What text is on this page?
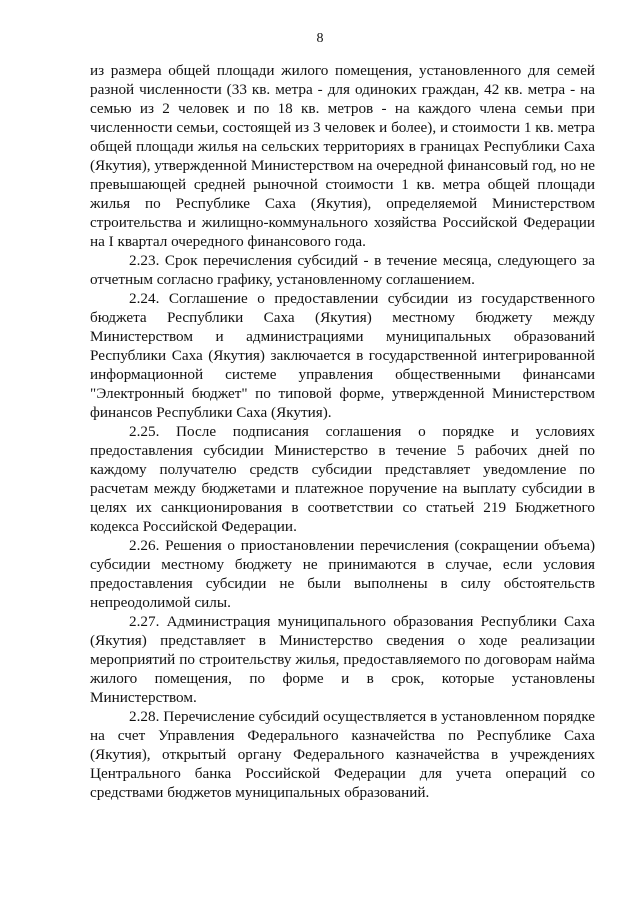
8

из размера общей площади жилого помещения, установленного для семей разной численности (33 кв. метра - для одиноких граждан, 42 кв. метра - на семью из 2 человек и по 18 кв. метров - на каждого члена семьи при численности семьи, состоящей из 3 человек и более), и стоимости 1 кв. метра общей площади жилья на сельских территориях в границах Республики Саха (Якутия), утвержденной Министерством на очередной финансовый год, но не превышающей средней рыночной стоимости 1 кв. метра общей площади жилья по Республике Саха (Якутия), определяемой Министерством строительства и жилищно-коммунального хозяйства Российской Федерации на I квартал очередного финансового года.

2.23. Срок перечисления субсидий - в течение месяца, следующего за отчетным согласно графику, установленному соглашением.

2.24. Соглашение о предоставлении субсидии из государственного бюджета Республики Саха (Якутия) местному бюджету между Министерством и администрациями муниципальных образований Республики Саха (Якутия) заключается в государственной интегрированной информационной системе управления общественными финансами "Электронный бюджет" по типовой форме, утвержденной Министерством финансов Республики Саха (Якутия).

2.25. После подписания соглашения о порядке и условиях предоставления субсидии Министерство в течение 5 рабочих дней по каждому получателю средств субсидии представляет уведомление по расчетам между бюджетами и платежное поручение на выплату субсидии в целях их санкционирования в соответствии со статьей 219 Бюджетного кодекса Российской Федерации.

2.26. Решения о приостановлении перечисления (сокращении объема) субсидии местному бюджету не принимаются в случае, если условия предоставления субсидии не были выполнены в силу обстоятельств непреодолимой силы.

2.27. Администрация муниципального образования Республики Саха (Якутия) представляет в Министерство сведения о ходе реализации мероприятий по строительству жилья, предоставляемого по договорам найма жилого помещения, по форме и в срок, которые установлены Министерством.

2.28. Перечисление субсидий осуществляется в установленном порядке на счет Управления Федерального казначейства по Республике Саха (Якутия), открытый органу Федерального казначейства в учреждениях Центрального банка Российской Федерации для учета операций со средствами бюджетов муниципальных образований.
